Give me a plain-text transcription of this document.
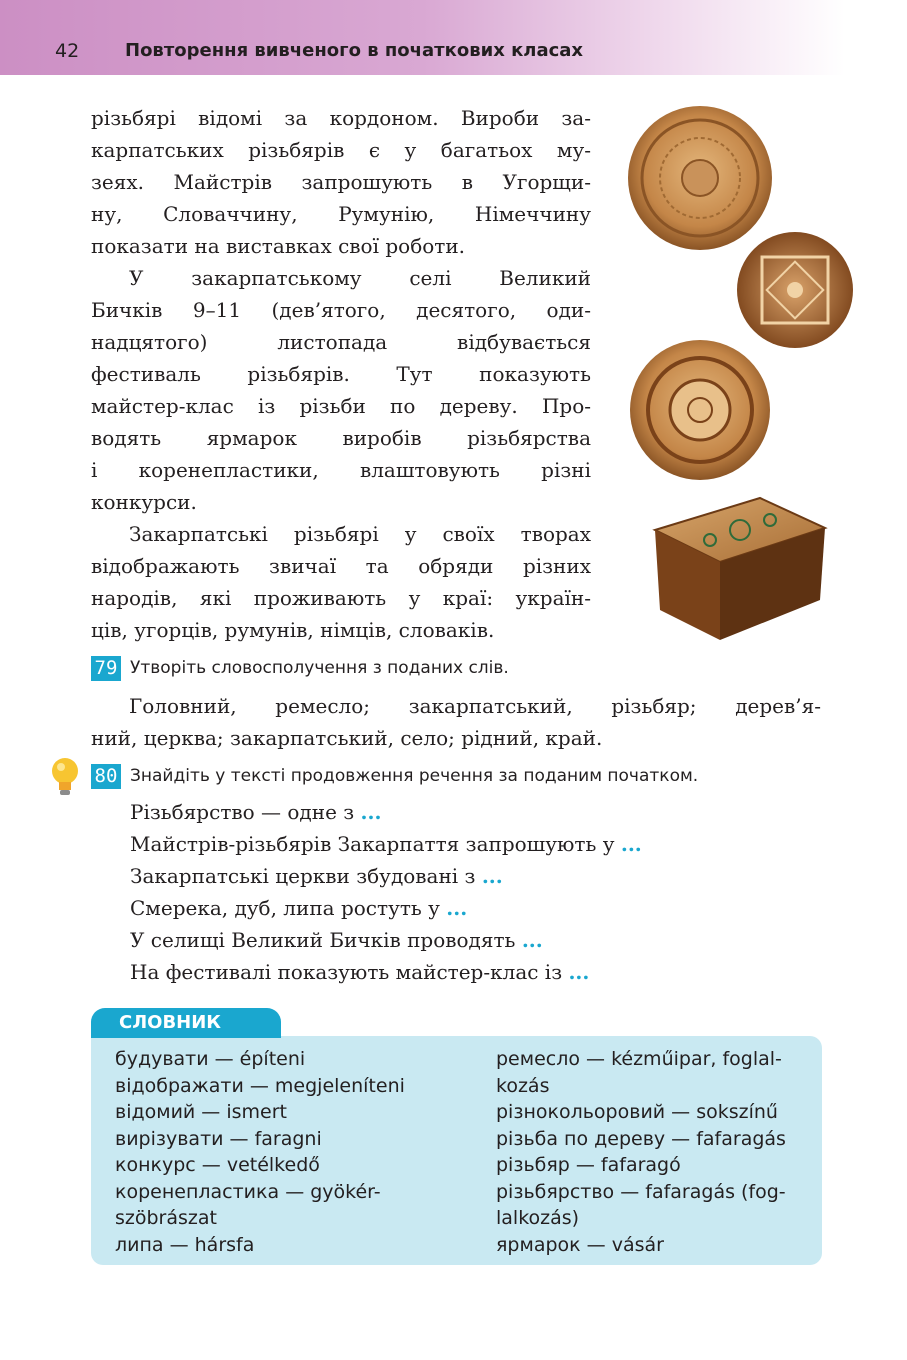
42	Повторення вивченого в початкових класах
різьбярі відомі за кордоном. Вироби за-
карпатських різьбярів є у багатьох му-
зеях. Майстрів запрошують в Угорщи-
ну, Словаччину, Румунію, Німеччину
показати на виставках свої роботи.
У закарпатському селі Великий
Бичків 9–11 (дев’ятого, десятого, оди-
надцятого) листопада відбувається
фестиваль різьбярів. Тут показують
майстер-клас із різьби по дереву. Про-
водять ярмарок виробів різьбярства
і коренепластики, влаштовують різні
конкурси.
Закарпатські різьбярі у своїх творах
відображають звичаї та обряди різних
народів, які проживають у краї: україн-
ців, угорців, румунів, німців, словаків.
79 Утворіть словосполучення з поданих слів.
Головний, ремесло; закарпатський, різьбяр; дерев’я-
ний, церква; закарпатський, село; рідний, край.
80 Знайдіть у тексті продовження речення за поданим початком.
Різьбярство — одне з ...
Майстрів-різьбярів Закарпаття запрошують у ...
Закарпатські церкви збудовані з ...
Смерека, дуб, липа ростуть у ...
У селищі Великий Бичків проводять ...
На фестивалі показують майстер-клас із ...
СЛОВНИК
будувати — építeni
відображати — megjeleníteni
відомий — ismert
вирізувати — faragni
конкурс — vetélkedő
коренепластика — gyökér-
szöbrászat
липа — hársfa
ремесло — kézműipar, foglal-
kozás
різнокольоровий — sokszínű
різьба по дереву — fafaragás
різьбяр — fafaragó
різьбярство — fafaragás (fog-
lalkozás)
ярмарок — vásár
